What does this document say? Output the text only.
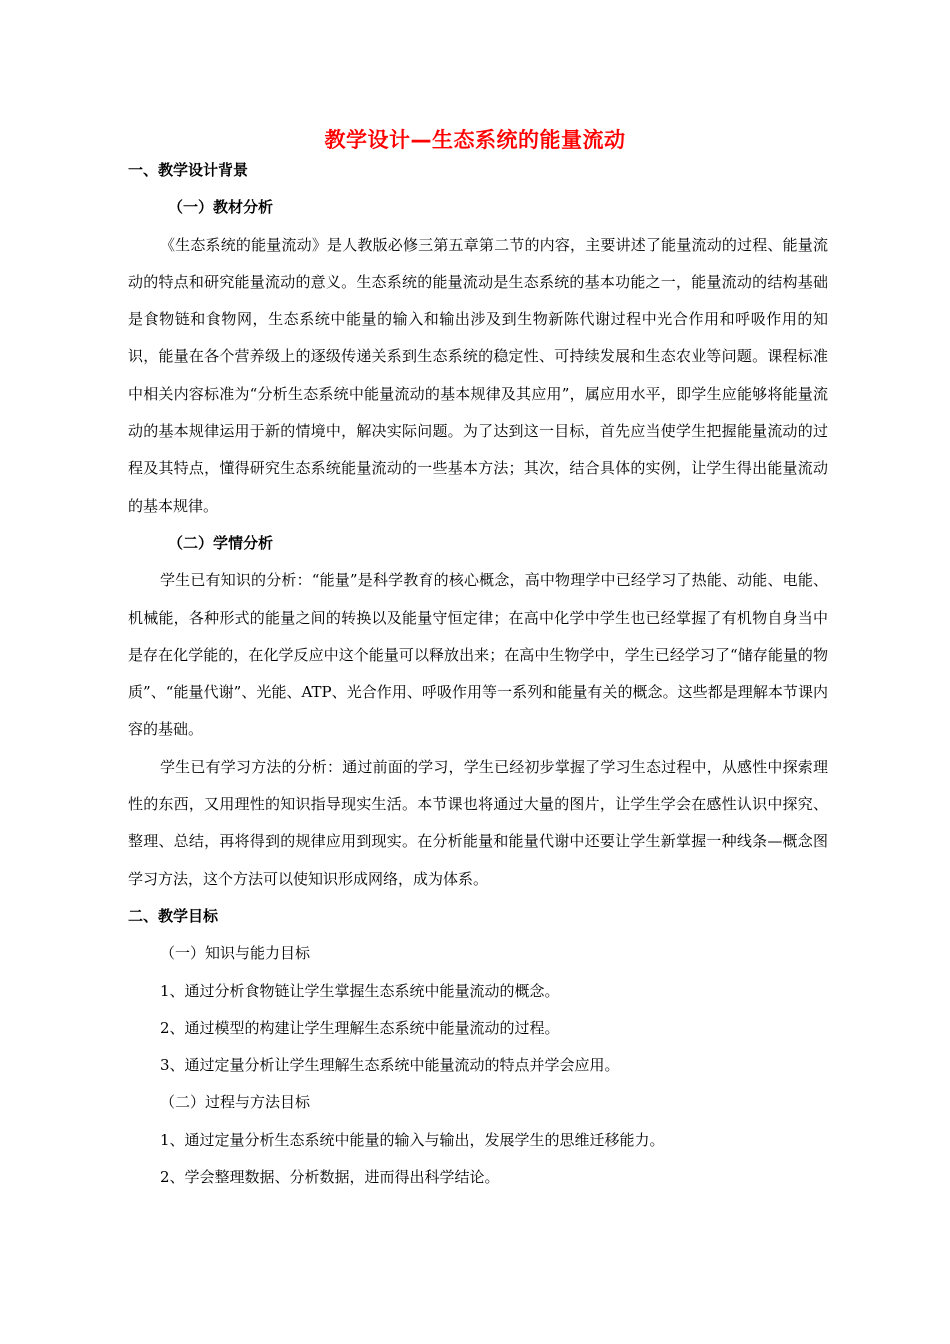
教学设计—生态系统的能量流动

一、教学设计背景

（一）教材分析

《生态系统的能量流动》是人教版必修三第五章第二节的内容，主要讲述了能量流动的过程、能量流动的特点和研究能量流动的意义。生态系统的能量流动是生态系统的基本功能之一，能量流动的结构基础是食物链和食物网，生态系统中能量的输入和输出涉及到生物新陈代谢过程中光合作用和呼吸作用的知识，能量在各个营养级上的逐级传递关系到生态系统的稳定性、可持续发展和生态农业等问题。课程标准中相关内容标准为“分析生态系统中能量流动的基本规律及其应用”，属应用水平，即学生应能够将能量流动的基本规律运用于新的情境中，解决实际问题。为了达到这一目标，首先应当使学生把握能量流动的过程及其特点，懂得研究生态系统能量流动的一些基本方法；其次，结合具体的实例，让学生得出能量流动的基本规律。

（二）学情分析

学生已有知识的分析：“能量”是科学教育的核心概念，高中物理学中已经学习了热能、动能、电能、机械能，各种形式的能量之间的转换以及能量守恒定律；在高中化学中学生也已经掌握了有机物自身当中是存在化学能的，在化学反应中这个能量可以释放出来；在高中生物学中，学生已经学习了“储存能量的物质”、“能量代谢”、光能、ATP、光合作用、呼吸作用等一系列和能量有关的概念。这些都是理解本节课内容的基础。

学生已有学习方法的分析：通过前面的学习，学生已经初步掌握了学习生态过程中，从感性中探索理性的东西，又用理性的知识指导现实生活。本节课也将通过大量的图片，让学生学会在感性认识中探究、整理、总结，再将得到的规律应用到现实。在分析能量和能量代谢中还要让学生新掌握一种线条—概念图学习方法，这个方法可以使知识形成网络，成为体系。

二、教学目标

（一）知识与能力目标

1、通过分析食物链让学生掌握生态系统中能量流动的概念。

2、通过模型的构建让学生理解生态系统中能量流动的过程。

3、通过定量分析让学生理解生态系统中能量流动的特点并学会应用。

（二）过程与方法目标

1、通过定量分析生态系统中能量的输入与输出，发展学生的思维迁移能力。

2、学会整理数据、分析数据，进而得出科学结论。
